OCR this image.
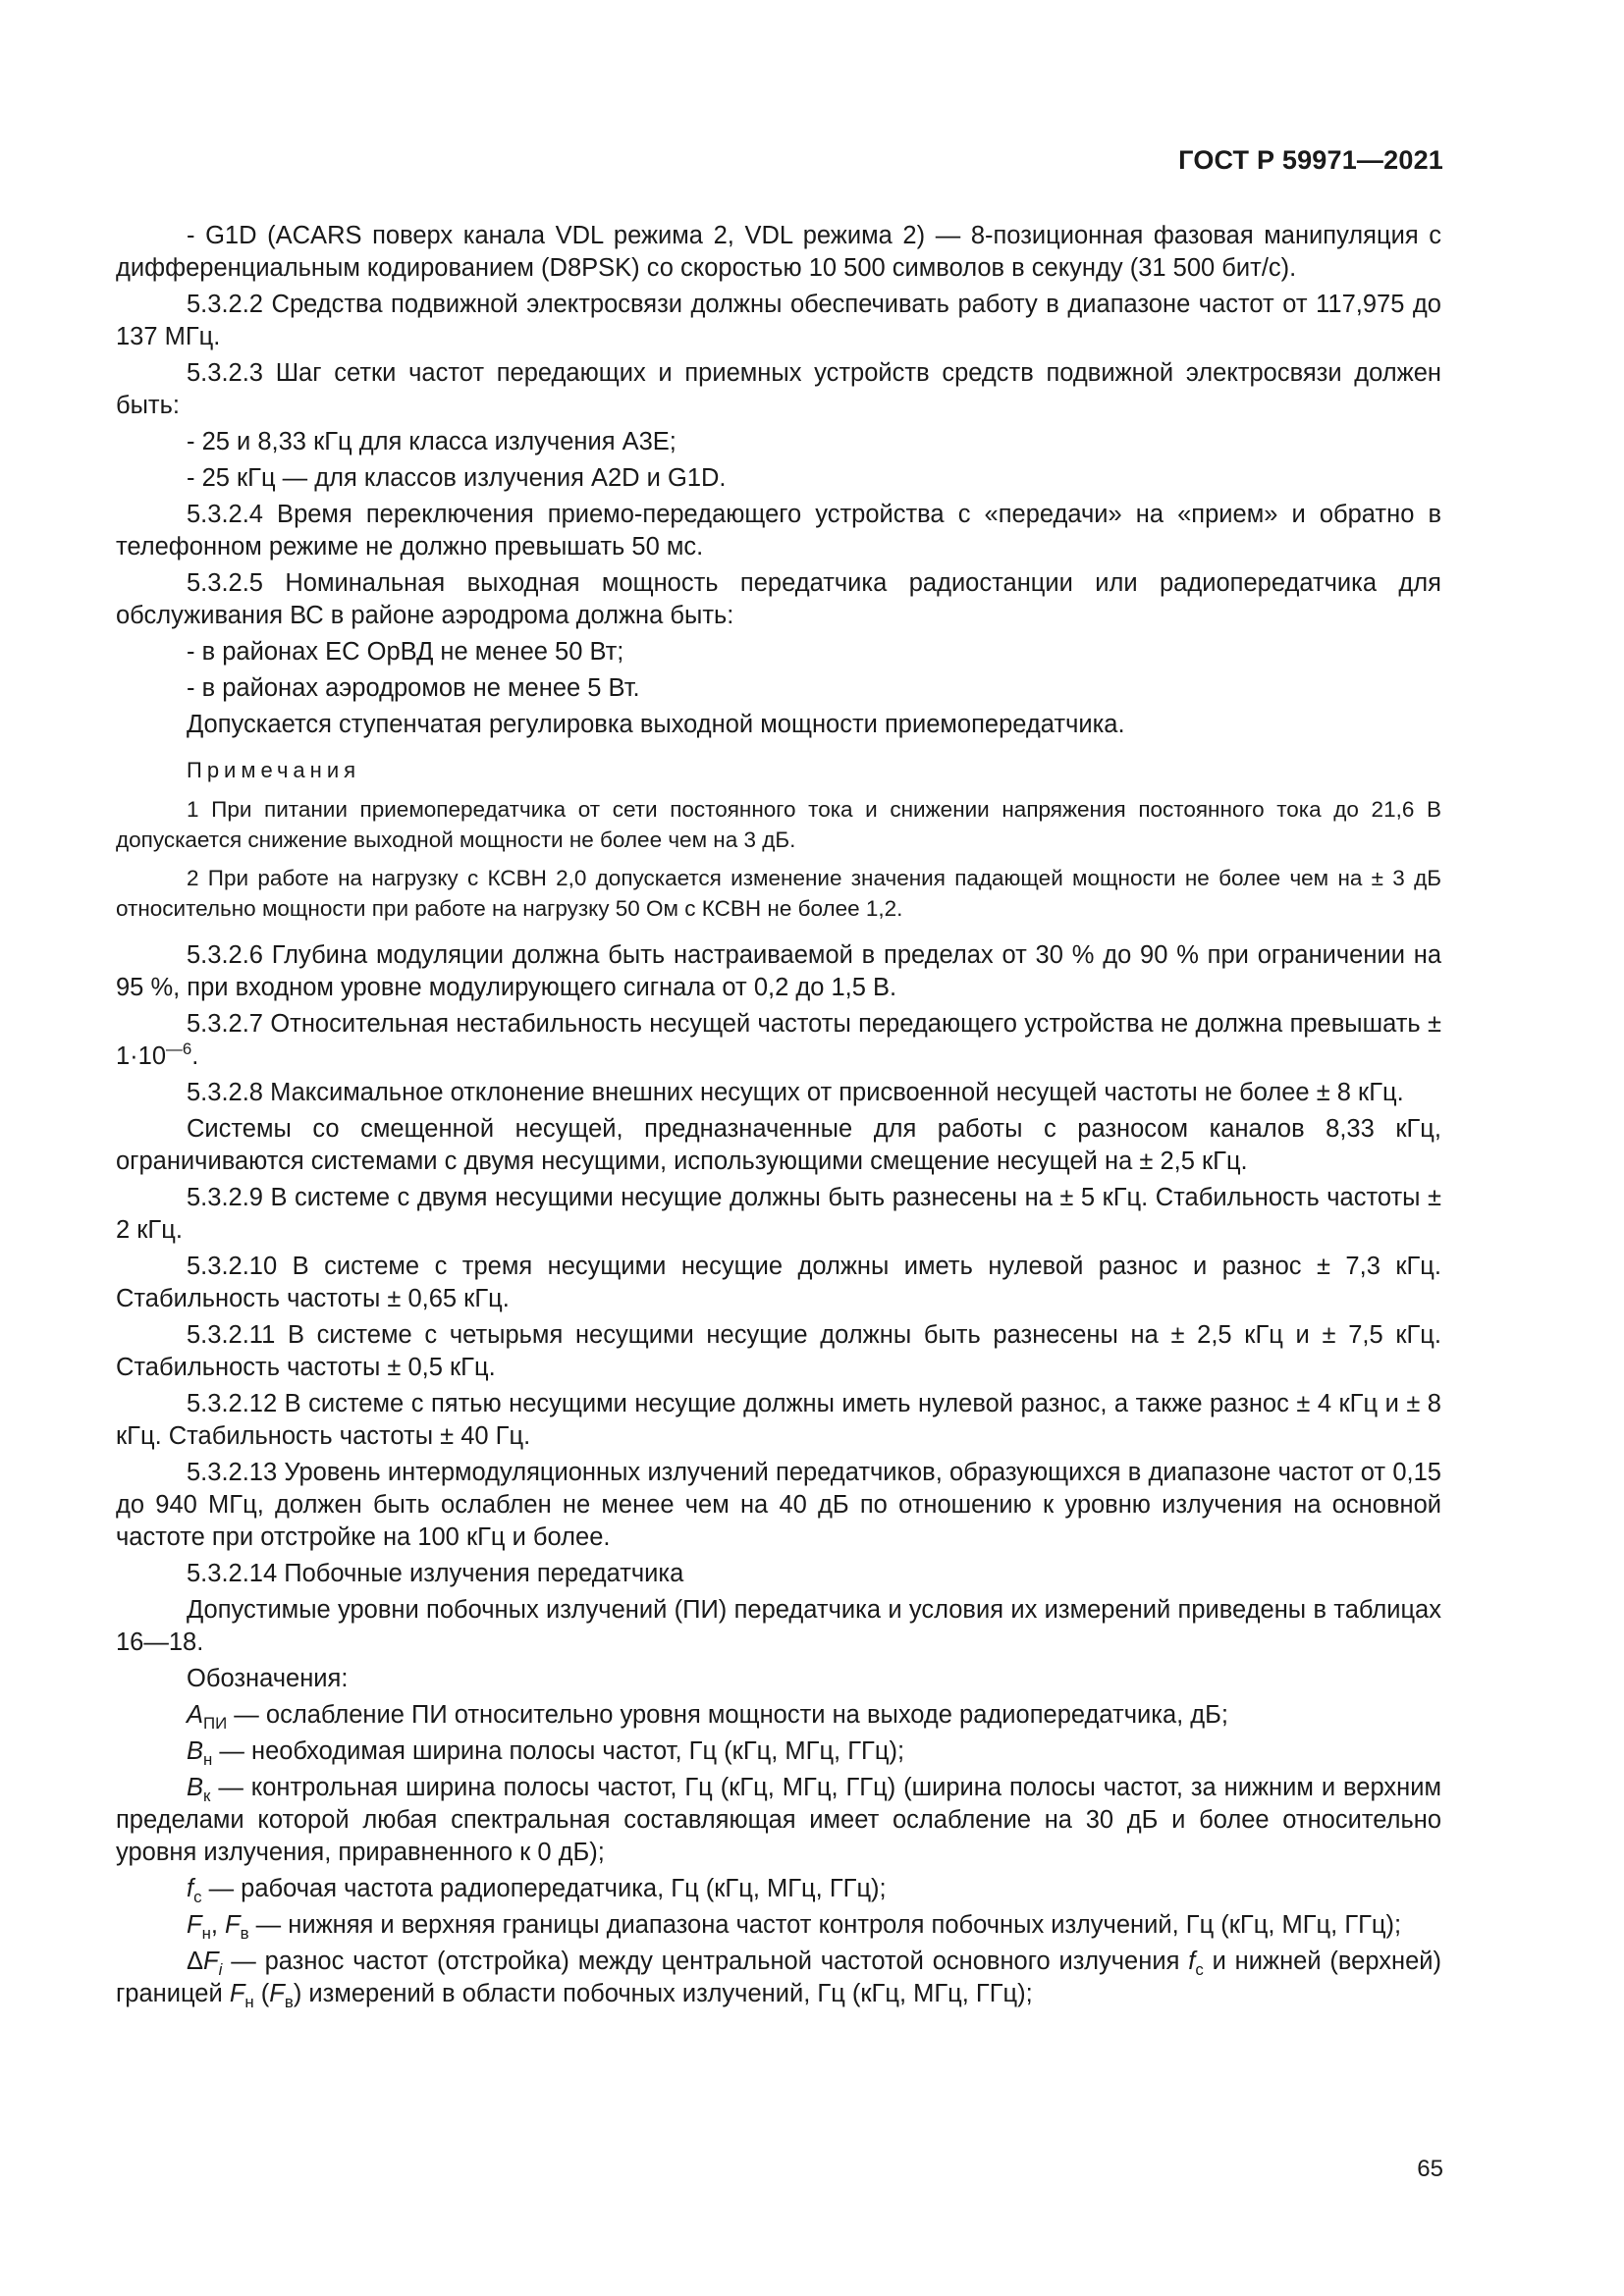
ГОСТ Р 59971—2021

- G1D (ACARS поверх канала VDL режима 2, VDL режима 2) — 8-позиционная фазовая манипуляция с дифференциальным кодированием (D8PSK) со скоростью 10 500 символов в секунду (31 500 бит/с).

5.3.2.2 Средства подвижной электросвязи должны обеспечивать работу в диапазоне частот от 117,975 до 137 МГц.

5.3.2.3 Шаг сетки частот передающих и приемных устройств средств подвижной электросвязи должен быть:

- 25 и 8,33 кГц для класса излучения А3Е;

- 25 кГц — для классов излучения A2D и G1D.

5.3.2.4 Время переключения приемо-передающего устройства с «передачи» на «прием» и обратно в телефонном режиме не должно превышать 50 мс.

5.3.2.5 Номинальная выходная мощность передатчика радиостанции или радиопередатчика для обслуживания ВС в районе аэродрома должна быть:

- в районах ЕС ОрВД не менее 50 Вт;

- в районах аэродромов не менее 5 Вт.

Допускается ступенчатая регулировка выходной мощности приемопередатчика.

Примечания

1 При питании приемопередатчика от сети постоянного тока и снижении напряжения постоянного тока до 21,6 В допускается снижение выходной мощности не более чем на 3 дБ.

2 При работе на нагрузку с КСВН 2,0 допускается изменение значения падающей мощности не более чем на ± 3 дБ относительно мощности при работе на нагрузку 50 Ом с КСВН не более 1,2.

5.3.2.6 Глубина модуляции должна быть настраиваемой в пределах от 30 % до 90 % при ограничении на 95 %, при входном уровне модулирующего сигнала от 0,2 до 1,5 В.

5.3.2.7 Относительная нестабильность несущей частоты передающего устройства не должна превышать ± $1\cdot 10^{—6}$.

5.3.2.8 Максимальное отклонение внешних несущих от присвоенной несущей частоты не более ± 8 кГц.

Системы со смещенной несущей, предназначенные для работы с разносом каналов 8,33 кГц, ограничиваются системами с двумя несущими, использующими смещение несущей на ± 2,5 кГц.

5.3.2.9 В системе с двумя несущими несущие должны быть разнесены на ± 5 кГц. Стабильность частоты ± 2 кГц.

5.3.2.10 В системе с тремя несущими несущие должны иметь нулевой разнос и разнос ± 7,3 кГц. Стабильность частоты ± 0,65 кГц.

5.3.2.11 В системе с четырьмя несущими несущие должны быть разнесены на ± 2,5 кГц и ± 7,5 кГц. Стабильность частоты ± 0,5 кГц.

5.3.2.12 В системе с пятью несущими несущие должны иметь нулевой разнос, а также разнос ± 4 кГц и ± 8 кГц. Стабильность частоты ± 40 Гц.

5.3.2.13 Уровень интермодуляционных излучений передатчиков, образующихся в диапазоне частот от 0,15 до 940 МГц, должен быть ослаблен не менее чем на 40 дБ по отношению к уровню излучения на основной частоте при отстройке на 100 кГц и более.

5.3.2.14 Побочные излучения передатчика

Допустимые уровни побочных излучений (ПИ) передатчика и условия их измерений приведены в таблицах 16—18.

Обозначения:

$A_{ПИ}$ — ослабление ПИ относительно уровня мощности на выходе радиопередатчика, дБ;

$B_н$ — необходимая ширина полосы частот, Гц (кГц, МГц, ГГц);

$B_к$ — контрольная ширина полосы частот, Гц (кГц, МГц, ГГц) (ширина полосы частот, за нижним и верхним пределами которой любая спектральная составляющая имеет ослабление на 30 дБ и более относительно уровня излучения, приравненного к 0 дБ);

$f_c$ — рабочая частота радиопередатчика, Гц (кГц, МГц, ГГц);

$F_н$, $F_в$ — нижняя и верхняя границы диапазона частот контроля побочных излучений, Гц (кГц, МГц, ГГц);

$\Delta F_i$ — разнос частот (отстройка) между центральной частотой основного излучения $f_c$ и нижней (верхней) границей $F_н$ $(F_в)$ измерений в области побочных излучений, Гц (кГц, МГц, ГГц);

65
